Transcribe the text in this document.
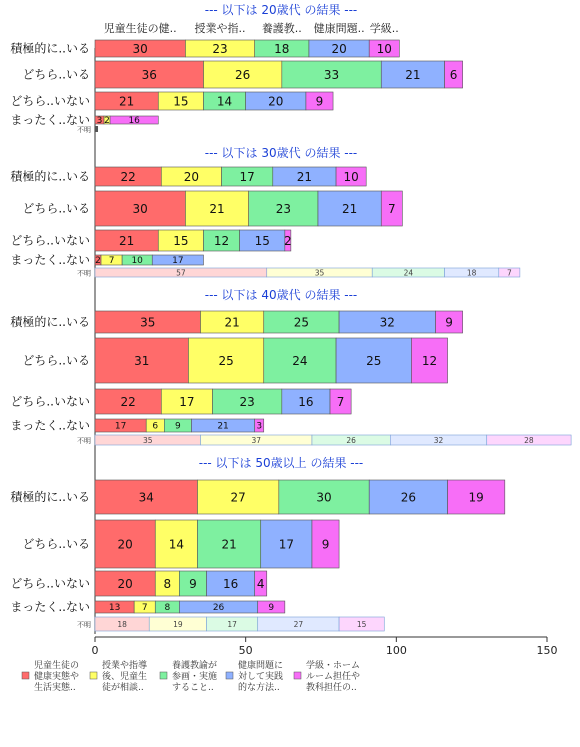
--- 以下は 20歳代 の結果 ---
児童生徒の健.. 授業や指.. 養護教.. 健康問題.. 学級..
積極的に..いる	30	23	18	20 10
どちら..いる	36	26	33	21 6
どちら..いない 21	15 14	20	9
まったく..ない 3 2 16
不明
--- 以下は 30歳代 の結果 ---
積極的に..いる	22	20	17	21	10
どちら..いる	30	21	23	21	7
どちら..いない 21	15 12 15 2
まったく..ない 2 7 10	17
不明	57	35	24	18	7
--- 以下は 40歳代 の結果 ---
積極的に..いる	35	21	25	32	9
どちら..いる	31	25	24	25	12
どちら..いない	22	17	23	16 7
まったく..ない	17	6 9	21	3
不明	35	37	26	32	28
--- 以下は 50歳以上 の結果 ---
積極的に..いる	34	27	30	26	19
どちら..いる 20	14	21	17 9
どちら..いない 20	8 9 16 4
まったく..ない 13 7 8	26	9
不明	18	19	17	27	15
0	50	100	150
児童生徒の
健康実態や
生活実態..
授業や指導
後、児童生
徒が相談..
養護教諭が
参画・実施
すること..
健康問題に
対して実践
的な方法..
学級・ホーム
ルーム担任や
教科担任の..
